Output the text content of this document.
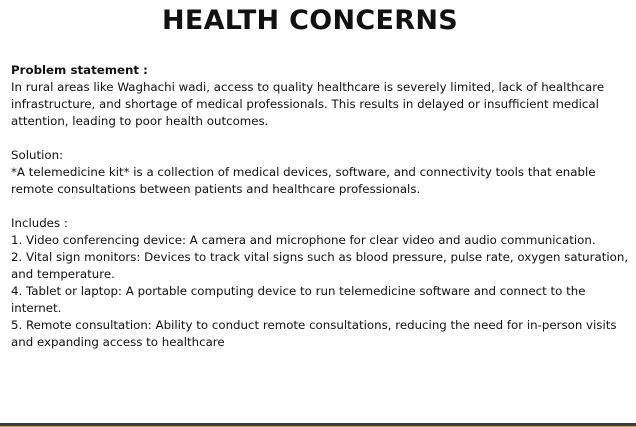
HEALTH CONCERNS
Problem statement :
In rural areas like Waghachi wadi, access to quality healthcare is severely limited, lack of healthcare
infrastructure, and shortage of medical professionals. This results in delayed or insufficient medical
attention, leading to poor health outcomes.
Solution:
*A telemedicine kit* is a collection of medical devices, software, and connectivity tools that enable
remote consultations between patients and healthcare professionals.
Includes :
1. Video conferencing device: A camera and microphone for clear video and audio communication.
2. Vital sign monitors: Devices to track vital signs such as blood pressure, pulse rate, oxygen saturation,
and temperature.
4. Tablet or laptop: A portable computing device to run telemedicine software and connect to the
internet.
5. Remote consultation: Ability to conduct remote consultations, reducing the need for in-person visits
and expanding access to healthcare
